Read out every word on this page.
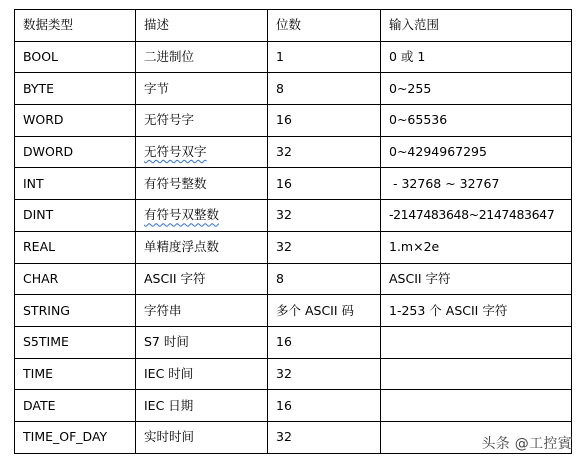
数据类型	描述	位数	输入范围
BOOL	二进制位	1	0 或 1
BYTE	字节	8	0~255
WORD	无符号字	16	0~65536
DWORD	无符号双字	32	0~4294967295
INT	有符号整数	16	- 32768 ~ 32767
DINT	有符号双整数	32	-2147483648~2147483647
REAL	单精度浮点数	32	1.m×2e
CHAR	ASCII 字符	8	ASCII 字符
STRING	字符串	多个 ASCII 码	1-253 个 ASCII 字符
S5TIME	S7 时间	16	
TIME	IEC 时间	32	
DATE	IEC 日期	16	
TIME_OF_DAY	实时时间	32		头条 @工控賓
